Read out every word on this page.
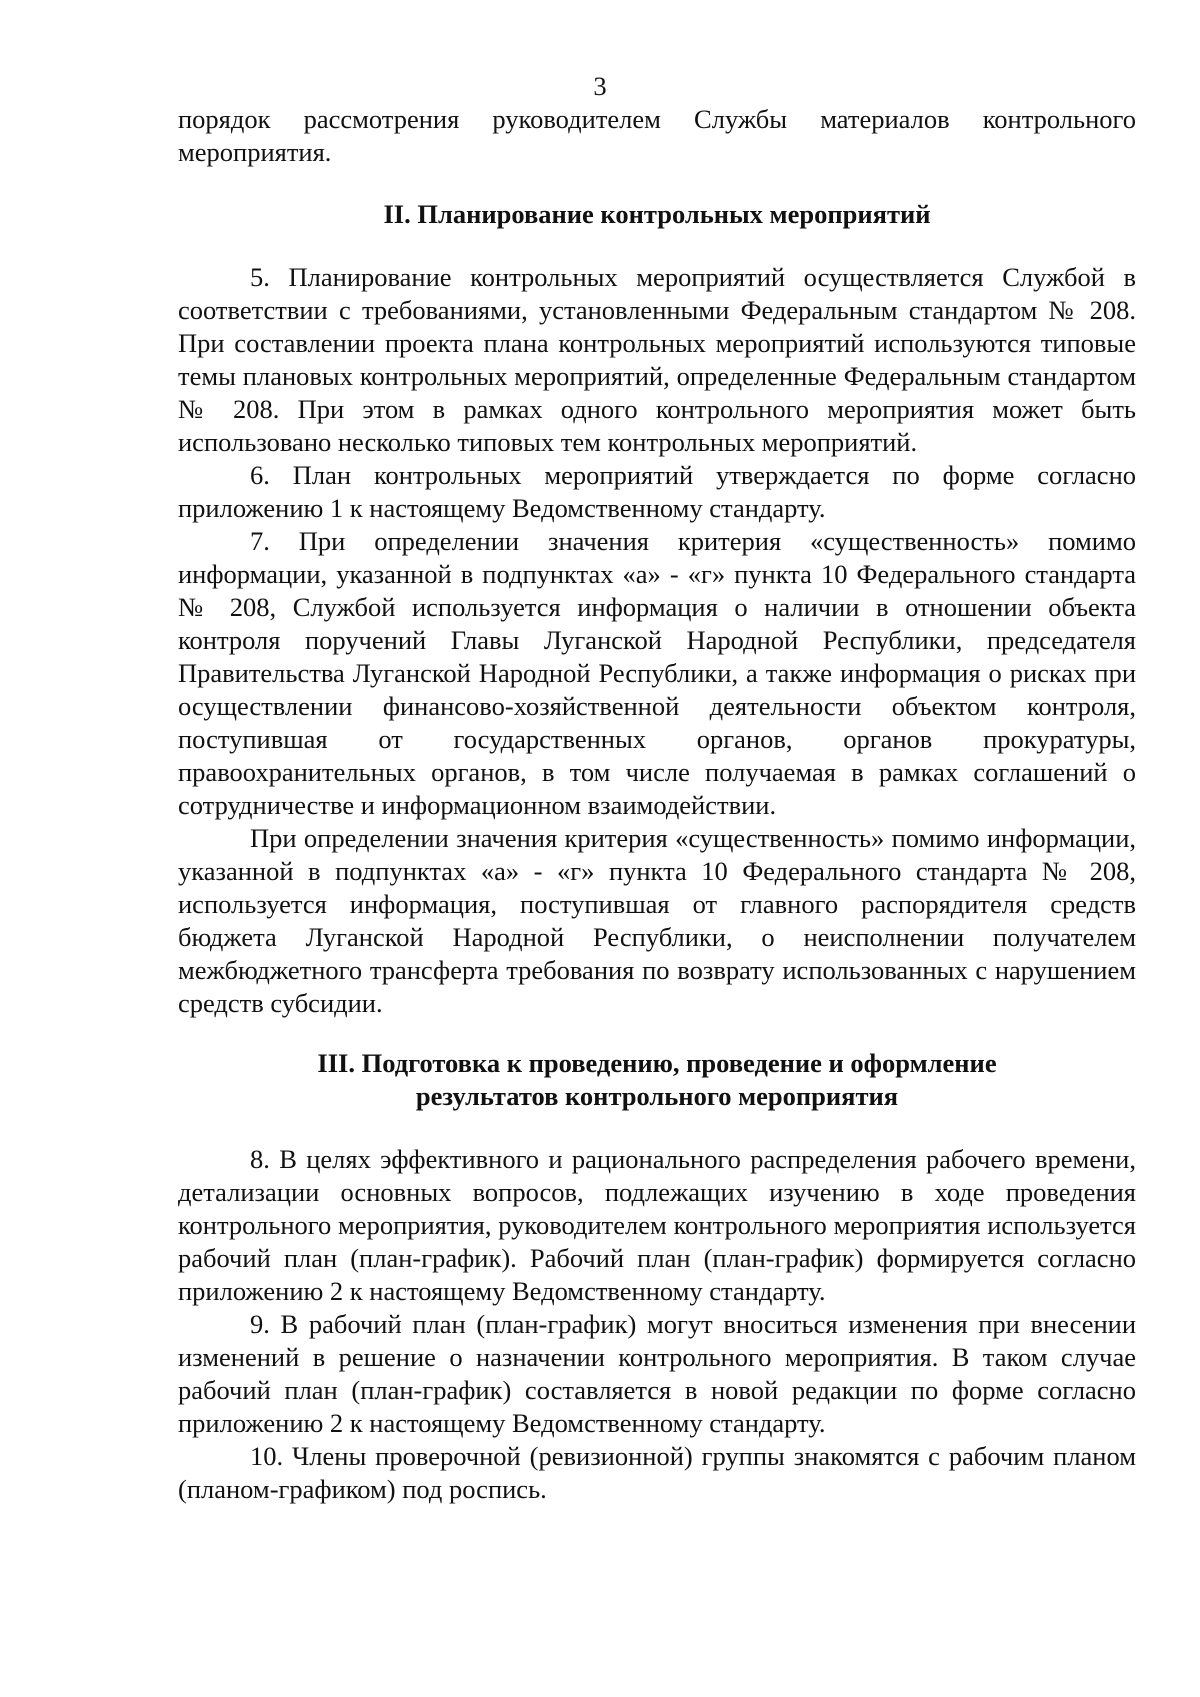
3

порядок рассмотрения руководителем Службы материалов контрольного мероприятия.

II. Планирование контрольных мероприятий

5. Планирование контрольных мероприятий осуществляется Службой в соответствии с требованиями, установленными Федеральным стандартом № 208. При составлении проекта плана контрольных мероприятий используются типовые темы плановых контрольных мероприятий, определенные Федеральным стандартом № 208. При этом в рамках одного контрольного мероприятия может быть использовано несколько типовых тем контрольных мероприятий.

6. План контрольных мероприятий утверждается по форме согласно приложению 1 к настоящему Ведомственному стандарту.

7. При определении значения критерия «существенность» помимо информации, указанной в подпунктах «а» - «г» пункта 10 Федерального стандарта № 208, Службой используется информация о наличии в отношении объекта контроля поручений Главы Луганской Народной Республики, председателя Правительства Луганской Народной Республики, а также информация о рисках при осуществлении финансово-хозяйственной деятельности объектом контроля, поступившая от государственных органов, органов прокуратуры, правоохранительных органов, в том числе получаемая в рамках соглашений о сотрудничестве и информационном взаимодействии.

При определении значения критерия «существенность» помимо информации, указанной в подпунктах «а» - «г» пункта 10 Федерального стандарта № 208, используется информация, поступившая от главного распорядителя средств бюджета Луганской Народной Республики, о неисполнении получателем межбюджетного трансферта требования по возврату использованных с нарушением средств субсидии.

III. Подготовка к проведению, проведение и оформление
результатов контрольного мероприятия

8. В целях эффективного и рационального распределения рабочего времени, детализации основных вопросов, подлежащих изучению в ходе проведения контрольного мероприятия, руководителем контрольного мероприятия используется рабочий план (план-график). Рабочий план (план-график) формируется согласно приложению 2 к настоящему Ведомственному стандарту.

9. В рабочий план (план-график) могут вноситься изменения при внесении изменений в решение о назначении контрольного мероприятия. В таком случае рабочий план (план-график) составляется в новой редакции по форме согласно приложению 2 к настоящему Ведомственному стандарту.

10. Члены проверочной (ревизионной) группы знакомятся с рабочим планом (планом-графиком) под роспись.
